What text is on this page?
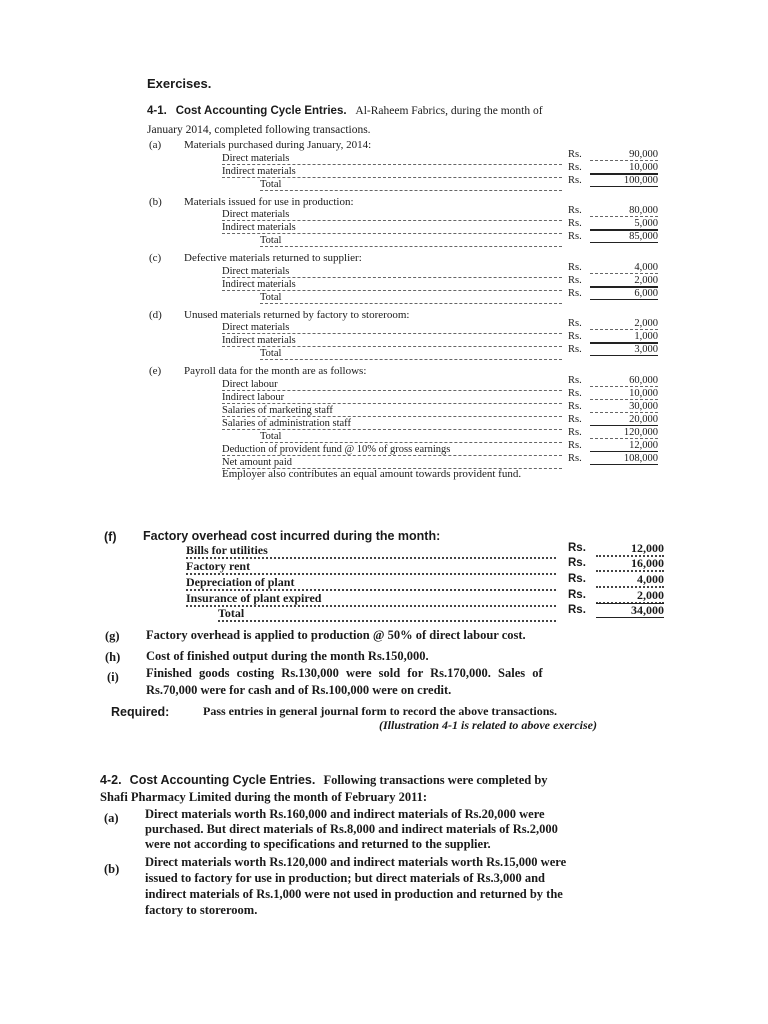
Exercises.
4-1. Cost Accounting Cycle Entries. Al-Raheem Fabrics, during the month of
January 2014, completed following transactions.
(a) Materials purchased during January, 2014:
Direct materials	Rs.	90,000
Indirect materials	Rs.	10,000
Total	Rs.	100,000
(b) Materials issued for use in production:
Direct materials	Rs.	80,000
Indirect materials	Rs.	5,000
Total	Rs.	85,000
(c) Defective materials returned to supplier:
Direct materials	Rs.	4,000
Indirect materials	Rs.	2,000
Total	Rs.	6,000
(d) Unused materials returned by factory to storeroom:
Direct materials	Rs.	2,000
Indirect materials	Rs.	1,000
Total	Rs.	3,000
(e) Payroll data for the month are as follows:
Direct labour	Rs.	60,000
Indirect labour	Rs.	10,000
Salaries of marketing staff	Rs.	30,000
Salaries of administration staff	Rs.	20,000
Total	Rs.	120,000
Deduction of provident fund @ 10% of gross earnings	Rs.	12,000
Net amount paid	Rs.	108,000
Employer also contributes an equal amount towards provident fund.
(f) Factory overhead cost incurred during the month:
Bills for utilities	Rs.	12,000
Factory rent	Rs.	16,000
Depreciation of plant	Rs.	4,000
Insurance of plant expired	Rs.	2,000
Total	Rs.	34,000
(g) Factory overhead is applied to production @ 50% of direct labour cost.
(h) Cost of finished output during the month Rs.150,000.
(i) Finished goods costing Rs.130,000 were sold for Rs.170,000. Sales of
Rs.70,000 were for cash and of Rs.100,000 were on credit.
Required:	Pass entries in general journal form to record the above transactions.
(Illustration 4-1 is related to above exercise)
4-2. Cost Accounting Cycle Entries. Following transactions were completed by
Shafi Pharmacy Limited during the month of February 2011:
(a) Direct materials worth Rs.160,000 and indirect materials of Rs.20,000 were
purchased. But direct materials of Rs.8,000 and indirect materials of Rs.2,000
were not according to specifications and returned to the supplier.
(b) Direct materials worth Rs.120,000 and indirect materials worth Rs.15,000 were
issued to factory for use in production; but direct materials of Rs.3,000 and
indirect materials of Rs.1,000 were not used in production and returned by the
factory to storeroom.
